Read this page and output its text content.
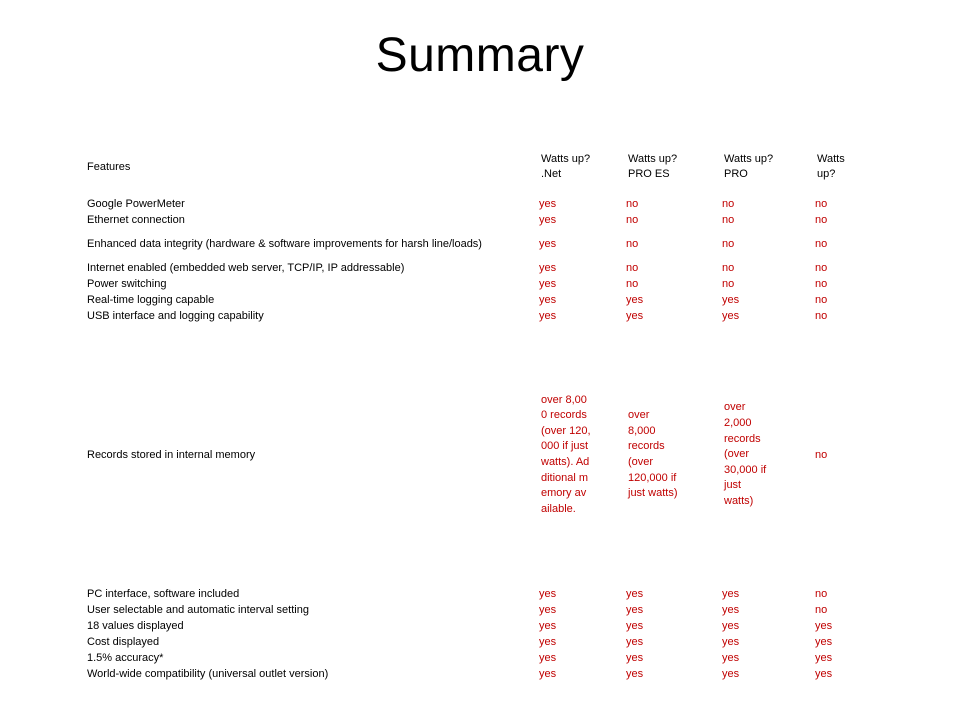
Summary
Features	Watts up? .Net	Watts up? PRO ES	Watts up? PRO	Watts up?

Google PowerMeter	yes	no	no	no
Ethernet connection	yes	no	no	no
Enhanced data integrity (hardware & software improvements for harsh line/loads)	yes	no	no	no
Internet enabled (embedded web server, TCP/IP, IP addressable)	yes	no	no	no
Power switching	yes	no	no	no
Real-time logging capable	yes	yes	yes	no
USB interface and logging capability	yes	yes	yes	no
Records stored in internal memory	over 8,000 records (over 120,000 if just watts). Additional memory available.	over 8,000 records (over 120,000 if just watts)	over 2,000 records (over 30,000 if just watts)	no
PC interface, software included	yes	yes	yes	no
User selectable and automatic interval setting	yes	yes	yes	no
18 values displayed	yes	yes	yes	yes
Cost displayed	yes	yes	yes	yes
1.5% accuracy*	yes	yes	yes	yes
World-wide compatibility (universal outlet version)	yes	yes	yes	yes
